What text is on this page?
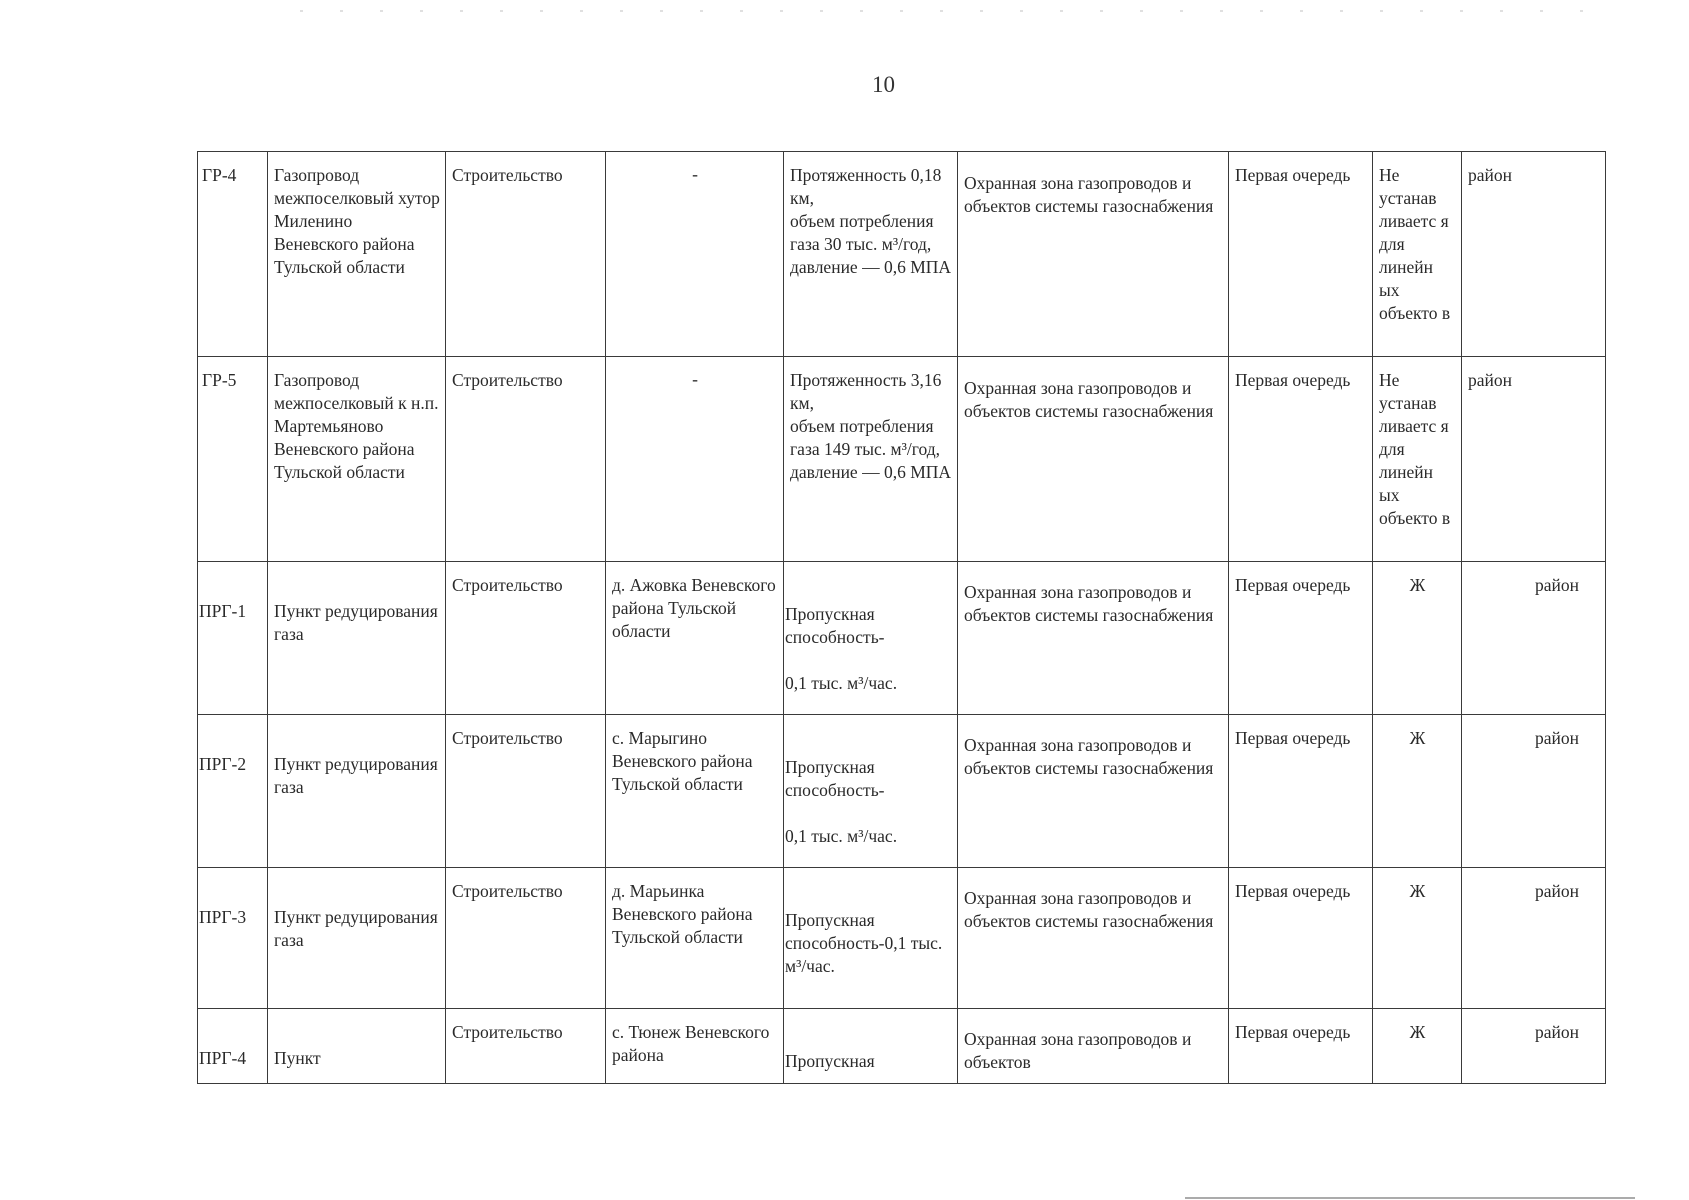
10
ГР-4	Газопровод межпоселковый хутор Миленино Веневского района Тульской области	Строительство	-	Протяженность 0,18 км,
объем потребления газа 30 тыс. м³/год, давление — 0,6 МПА	Охранная зона газопроводов и объектов системы газоснабжения	Первая очередь	Не устанав ливаетс я для линейн ых объекто в	район
ГР-5	Газопровод межпоселковый к н.п. Мартемьяново Веневского района Тульской области	Строительство	-	Протяженность 3,16 км,
объем потребления газа 149 тыс. м³/год, давление — 0,6 МПА	Охранная зона газопроводов и объектов системы газоснабжения	Первая очередь	Не устанав ливаетс я для линейн ых объекто в	район
ПРГ-1	Пункт редуцирования газа	Строительство	д. Ажовка Веневского района Тульской области	Пропускная способность-
0,1 тыс. м³/час.	Охранная зона газопроводов и объектов системы газоснабжения	Первая очередь	Ж	район
ПРГ-2	Пункт редуцирования газа	Строительство	с. Марыгино Веневского района Тульской области	Пропускная способность-
0,1 тыс. м³/час.	Охранная зона газопроводов и объектов системы газоснабжения	Первая очередь	Ж	район
ПРГ-3	Пункт редуцирования газа	Строительство	д. Марьинка Веневского района Тульской области	Пропускная способность-0,1 тыс. м³/час.	Охранная зона газопроводов и объектов системы газоснабжения	Первая очередь	Ж	район
ПРГ-4	Пункт	Строительство	с. Тюнеж Веневского района	Пропускная	Охранная зона газопроводов и объектов	Первая очередь	Ж	район
